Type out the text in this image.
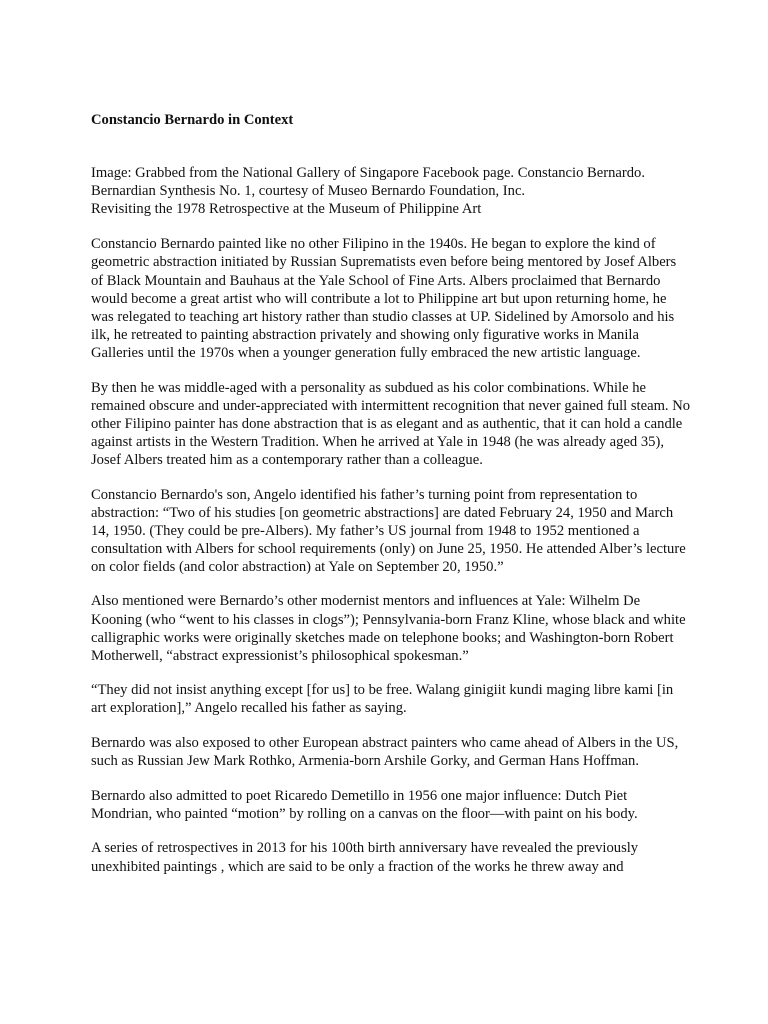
Constancio Bernardo in Context

Image: Grabbed from the National Gallery of Singapore Facebook page. Constancio Bernardo. Bernardian Synthesis No. 1, courtesy of Museo Bernardo Foundation, Inc.
Revisiting the 1978 Retrospective at the Museum of Philippine Art

Constancio Bernardo painted like no other Filipino in the 1940s. He began to explore the kind of geometric abstraction initiated by Russian Suprematists even before being mentored by Josef Albers of Black Mountain and Bauhaus at the Yale School of Fine Arts. Albers proclaimed that Bernardo would become a great artist who will contribute a lot to Philippine art but upon returning home, he was relegated to teaching art history rather than studio classes at UP. Sidelined by Amorsolo and his ilk, he retreated to painting abstraction privately and showing only figurative works in Manila Galleries until the 1970s when a younger generation fully embraced the new artistic language.

By then he was middle-aged with a personality as subdued as his color combinations. While he remained obscure and under-appreciated with intermittent recognition that never gained full steam. No other Filipino painter has done abstraction that is as elegant and as authentic, that it can hold a candle against artists in the Western Tradition. When he arrived at Yale in 1948 (he was already aged 35), Josef Albers treated him as a contemporary rather than a colleague.

Constancio Bernardo's son, Angelo identified his father’s turning point from representation to abstraction: “Two of his studies [on geometric abstractions] are dated February 24, 1950 and March 14, 1950. (They could be pre-Albers). My father’s US journal from 1948 to 1952 mentioned a consultation with Albers for school requirements (only) on June 25, 1950. He attended Alber’s lecture on color fields (and color abstraction) at Yale on September 20, 1950.”

Also mentioned were Bernardo’s other modernist mentors and influences at Yale: Wilhelm De Kooning (who “went to his classes in clogs”); Pennsylvania-born Franz Kline, whose black and white calligraphic works were originally sketches made on telephone books; and Washington-born Robert Motherwell, “abstract expressionist’s philosophical spokesman.”

“They did not insist anything except [for us] to be free. Walang ginigiit kundi maging libre kami [in art exploration],” Angelo recalled his father as saying.

Bernardo was also exposed to other European abstract painters who came ahead of Albers in the US, such as Russian Jew Mark Rothko, Armenia-born Arshile Gorky, and German Hans Hoffman.

Bernardo also admitted to poet Ricaredo Demetillo in 1956 one major influence: Dutch Piet Mondrian, who painted “motion” by rolling on a canvas on the floor—with paint on his body.

A series of retrospectives in 2013 for his 100th birth anniversary have revealed the previously unexhibited paintings , which are said to be only a fraction of the works he threw away and
